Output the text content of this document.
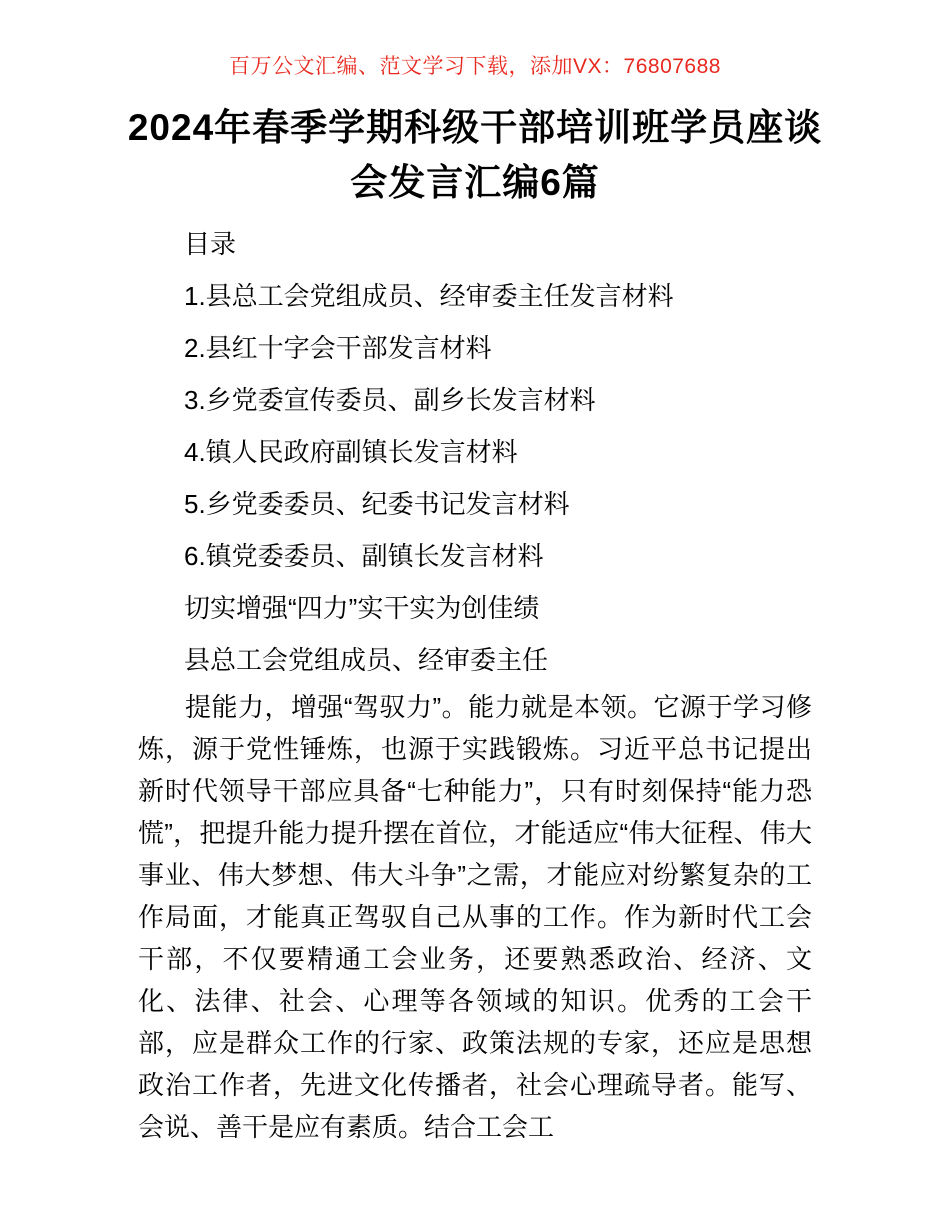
百万公文汇编、范文学习下载，添加VX：76807688
2024年春季学期科级干部培训班学员座谈会发言汇编6篇

目录

1.县总工会党组成员、经审委主任发言材料

2.县红十字会干部发言材料

3.乡党委宣传委员、副乡长发言材料

4.镇人民政府副镇长发言材料

5.乡党委委员、纪委书记发言材料

6.镇党委委员、副镇长发言材料

切实增强“四力”实干实为创佳绩

县总工会党组成员、经审委主任

提能力，增强“驾驭力”。能力就是本领。它源于学习修炼，源于党性锤炼，也源于实践锻炼。习近平总书记提出新时代领导干部应具备“七种能力”，只有时刻保持“能力恐慌”，把提升能力提升摆在首位，才能适应“伟大征程、伟大事业、伟大梦想、伟大斗争”之需，才能应对纷繁复杂的工作局面，才能真正驾驭自己从事的工作。作为新时代工会干部，不仅要精通工会业务，还要熟悉政治、经济、文化、法律、社会、心理等各领域的知识。优秀的工会干部，应是群众工作的行家、政策法规的专家，还应是思想政治工作者，先进文化传播者，社会心理疏导者。能写、会说、善干是应有素质。结合工会工
